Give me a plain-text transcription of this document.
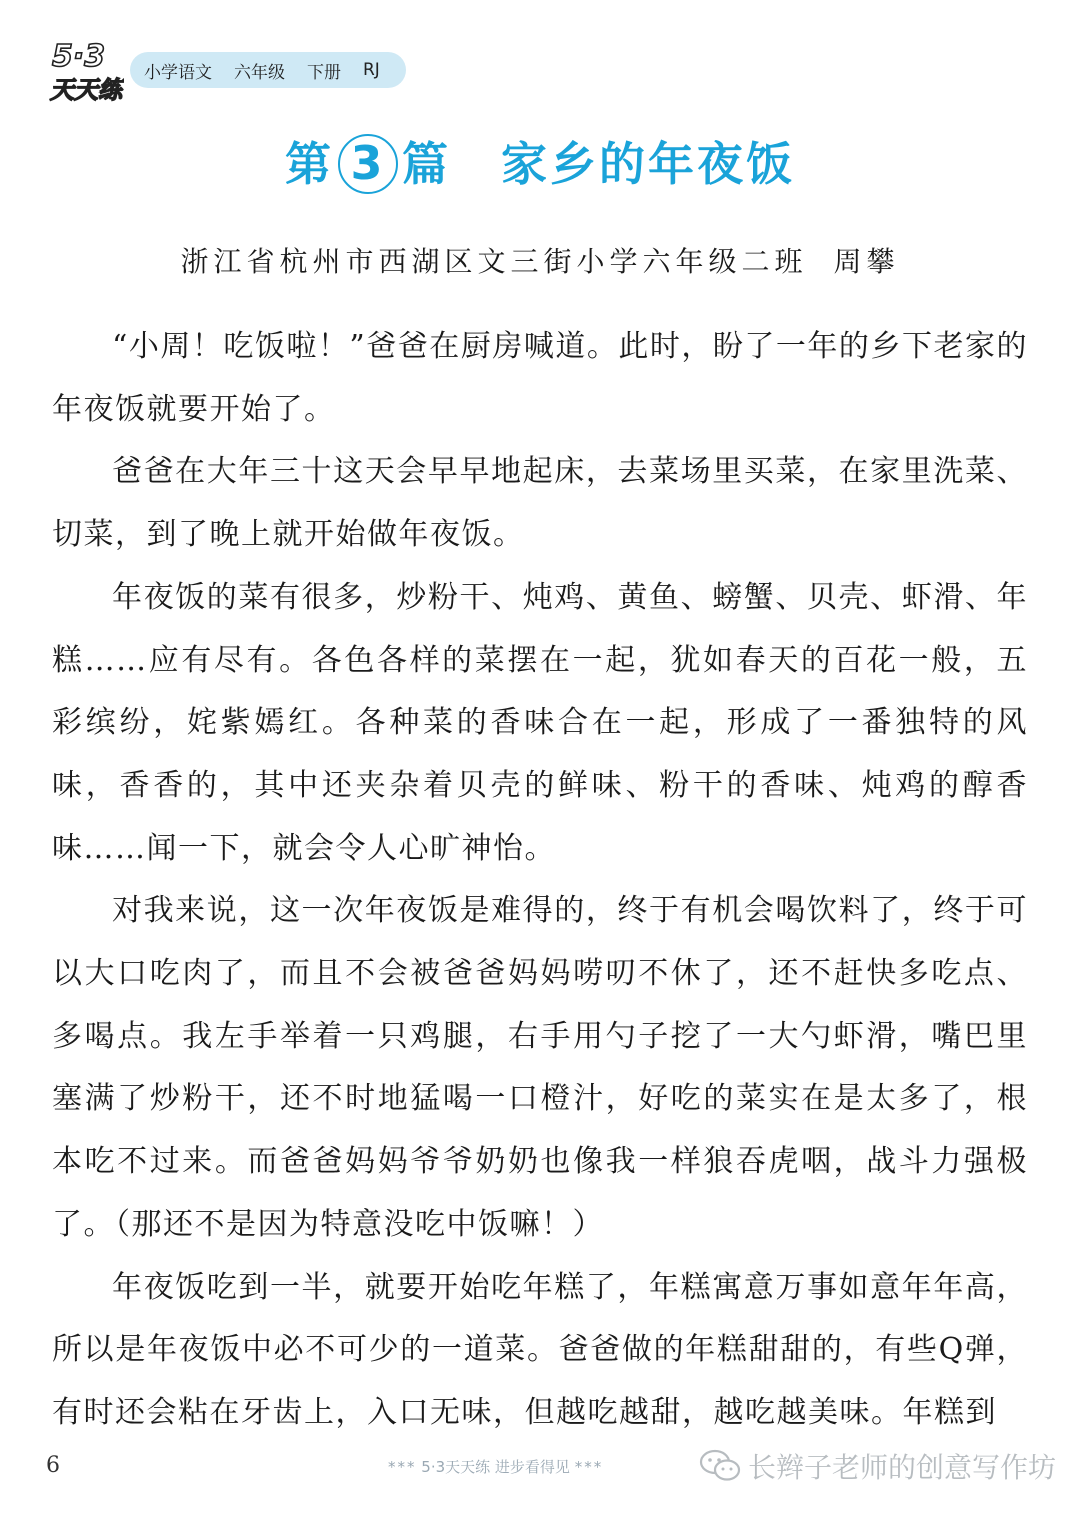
5·3
天天练
小学语文 六年级 下册 RJ
第 3 篇 家乡的年夜饭
浙江省杭州市西湖区文三街小学六年级二班 周攀

“小周！吃饭啦！”爸爸在厨房喊道。此时，盼了一年的乡下老家的年夜饭就要开始了。

爸爸在大年三十这天会早早地起床，去菜场里买菜，在家里洗菜、切菜，到了晚上就开始做年夜饭。

年夜饭的菜有很多，炒粉干、炖鸡、黄鱼、螃蟹、贝壳、虾滑、年糕……应有尽有。各色各样的菜摆在一起，犹如春天的百花一般，五彩缤纷，姹紫嫣红。各种菜的香味合在一起，形成了一番独特的风味，香香的，其中还夹杂着贝壳的鲜味、粉干的香味、炖鸡的醇香味……闻一下，就会令人心旷神怡。

对我来说，这一次年夜饭是难得的，终于有机会喝饮料了，终于可以大口吃肉了，而且不会被爸爸妈妈唠叨不休了，还不赶快多吃点、多喝点。我左手举着一只鸡腿，右手用勺子挖了一大勺虾滑，嘴巴里塞满了炒粉干，还不时地猛喝一口橙汁，好吃的菜实在是太多了，根本吃不过来。而爸爸妈妈爷爷奶奶也像我一样狼吞虎咽，战斗力强极了。（那还不是因为特意没吃中饭嘛！）

年夜饭吃到一半，就要开始吃年糕了，年糕寓意万事如意年年高，所以是年夜饭中必不可少的一道菜。爸爸做的年糕甜甜的，有些Q弹，有时还会粘在牙齿上，入口无味，但越吃越甜，越吃越美味。年糕到

6	*** 5·3天天练 进步看得见 ***	长辫子老师的创意写作坊
